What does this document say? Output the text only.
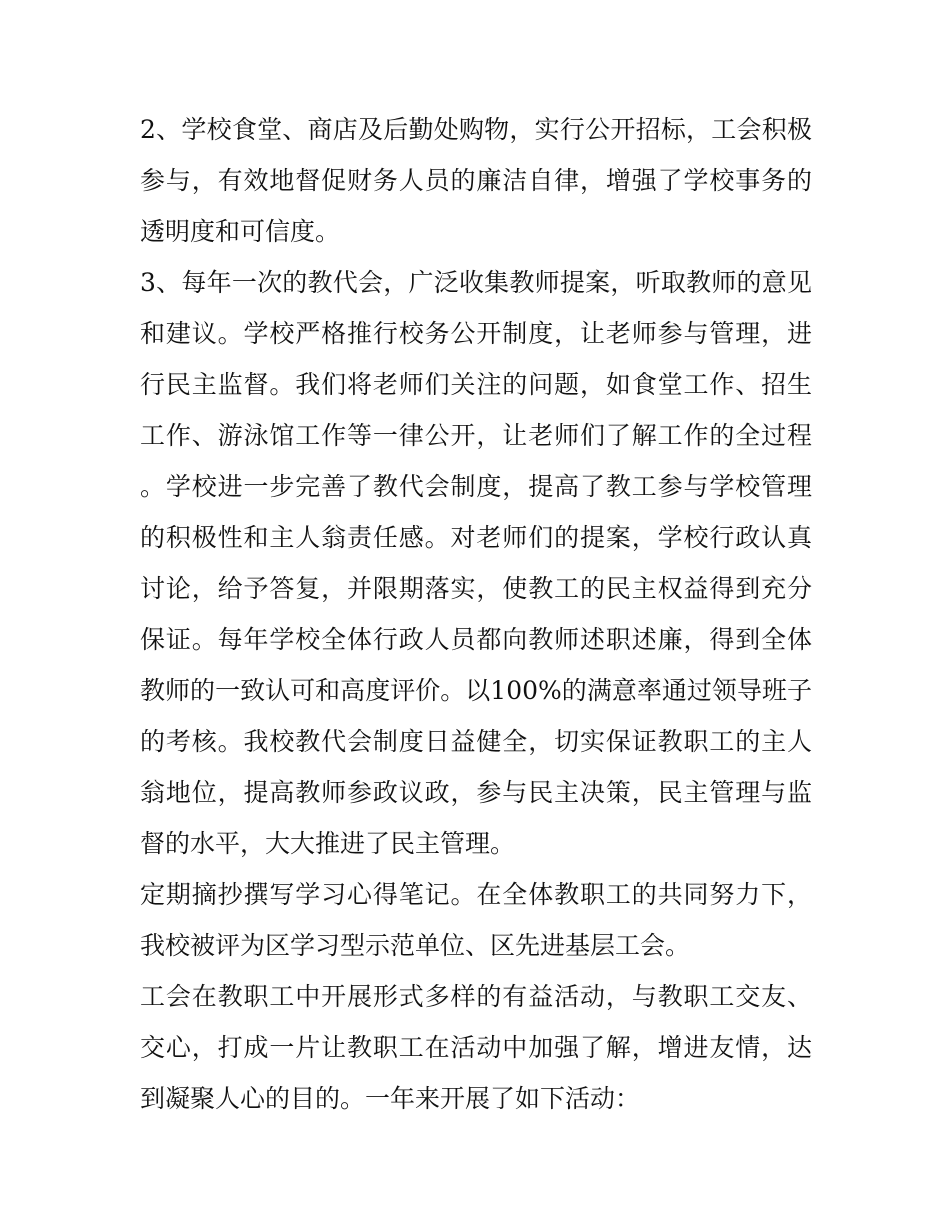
2、学校食堂、商店及后勤处购物，实行公开招标，工会积极参与，有效地督促财务人员的廉洁自律，增强了学校事务的透明度和可信度。

3、每年一次的教代会，广泛收集教师提案，听取教师的意见和建议。学校严格推行校务公开制度，让老师参与管理，进行民主监督。我们将老师们关注的问题，如食堂工作、招生工作、游泳馆工作等一律公开，让老师们了解工作的全过程。学校进一步完善了教代会制度，提高了教工参与学校管理的积极性和主人翁责任感。对老师们的提案，学校行政认真讨论，给予答复，并限期落实，使教工的民主权益得到充分保证。每年学校全体行政人员都向教师述职述廉，得到全体教师的一致认可和高度评价。以100%的满意率通过领导班子的考核。我校教代会制度日益健全，切实保证教职工的主人翁地位，提高教师参政议政，参与民主决策，民主管理与监督的水平，大大推进了民主管理。

定期摘抄撰写学习心得笔记。在全体教职工的共同努力下，我校被评为区学习型示范单位、区先进基层工会。

工会在教职工中开展形式多样的有益活动，与教职工交友、交心，打成一片让教职工在活动中加强了解，增进友情，达到凝聚人心的目的。一年来开展了如下活动：
